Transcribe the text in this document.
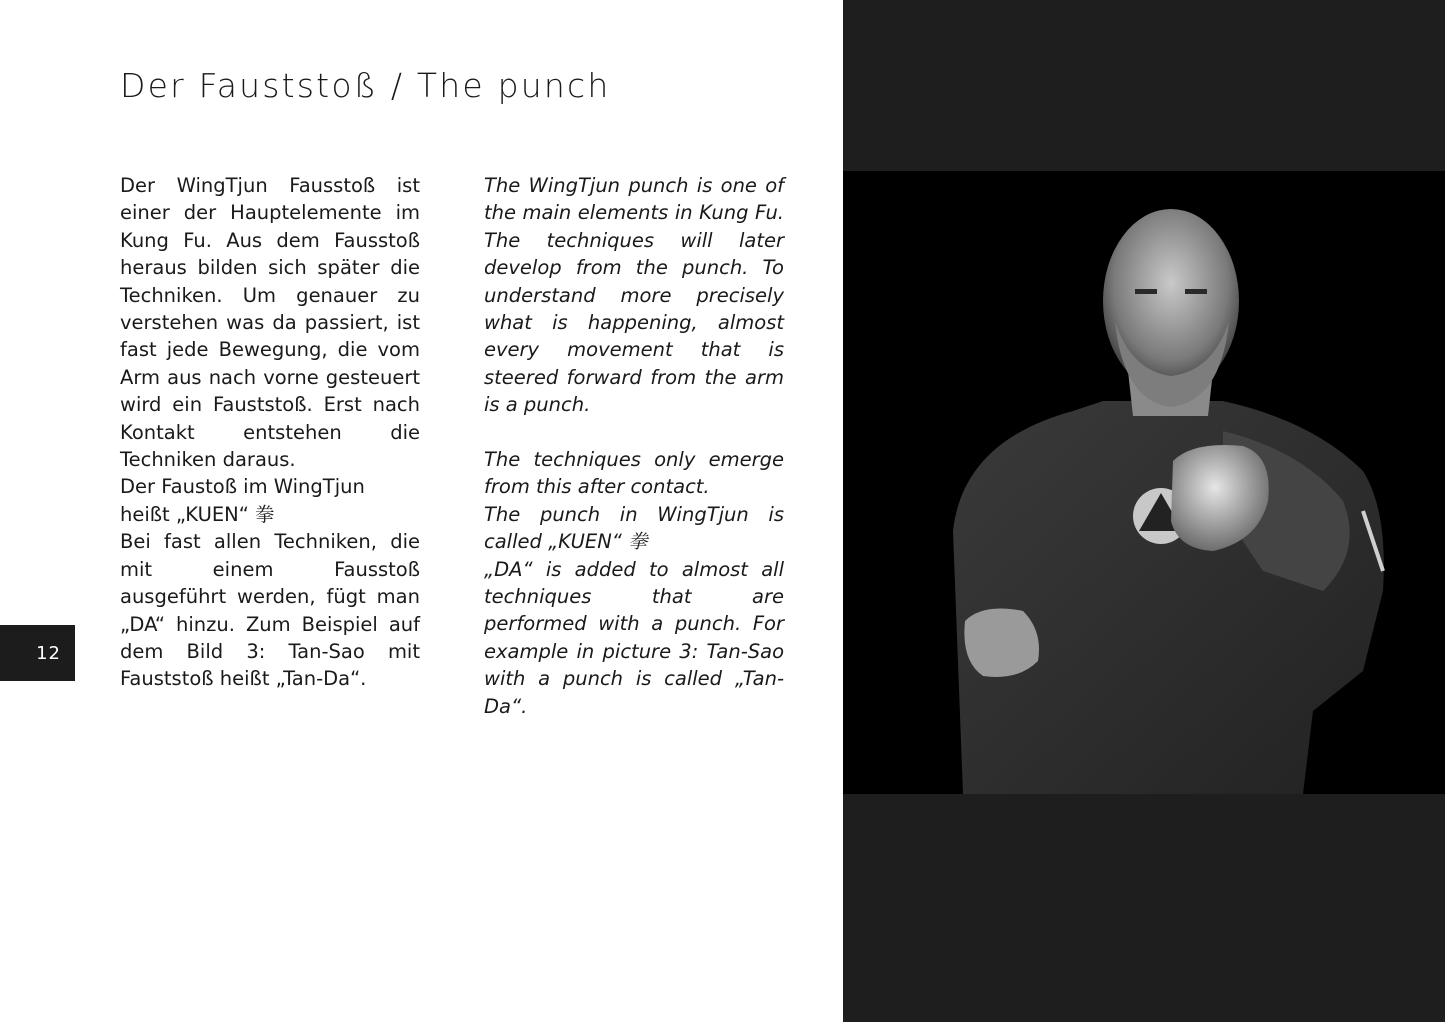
Der Fauststoß / The punch

Der WingTjun Fausstoß ist einer der Hauptelemente im Kung Fu. Aus dem Fausstoß heraus bilden sich später die Techniken. Um genauer zu verstehen was da passiert, ist fast jede Bewegung, die vom Arm aus nach vorne gesteuert wird ein Fauststoß. Erst nach Kontakt entstehen die Techniken daraus.

Der Faustoß im WingTjun heißt „KUEN“ 拳

Bei fast allen Techniken, die mit einem Fausstoß ausgeführt werden, fügt man „DA“ hinzu. Zum Beispiel auf dem Bild 3: Tan-Sao mit Fauststoß heißt „Tan-Da“.

The WingTjun punch is one of the main elements in Kung Fu. The techniques will later develop from the punch. To understand more precisely what is happening, almost every movement that is steered forward from the arm is a punch.

The techniques only emerge from this after contact.

The punch in WingTjun is called „KUEN“ 拳

„DA“ is added to almost all techniques that are performed with a punch. For example in picture 3: Tan-Sao with a punch is called „Tan-Da“.

12
